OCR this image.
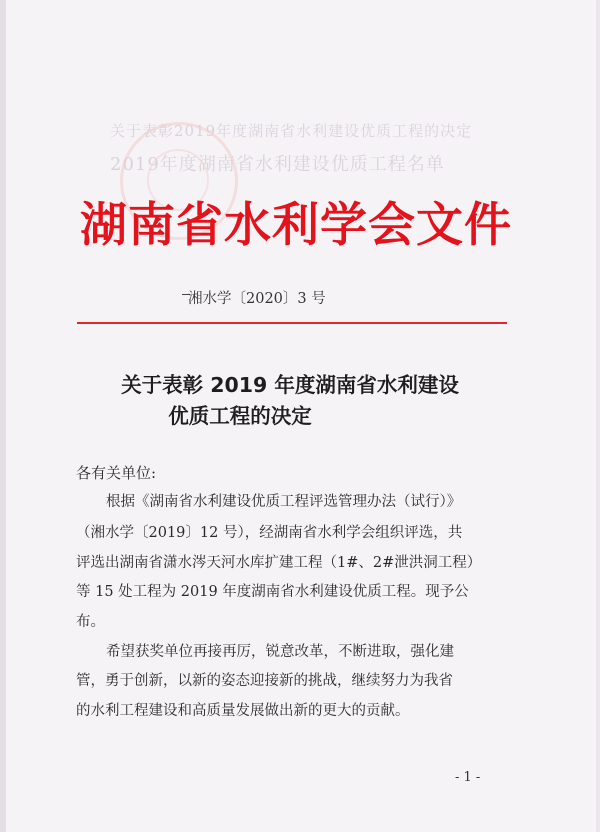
关于表彰2019年度湖南省水利建设优质工程的决定
2019年度湖南省水利建设优质工程名单
湖南省水利学会文件
湘水学〔2020〕3 号
关于表彰 2019 年度湖南省水利建设
优质工程的决定
各有关单位:
根据《湖南省水利建设优质工程评选管理办法（试行）》
（湘水学〔2019〕12 号），经湖南省水利学会组织评选，共
评选出湖南省潇水涔天河水库扩建工程（1#、2#泄洪洞工程）
等 15 处工程为 2019 年度湖南省水利建设优质工程。现予公
布。
希望获奖单位再接再厉，锐意改革，不断进取，强化建
管，勇于创新，以新的姿态迎接新的挑战，继续努力为我省
的水利工程建设和高质量发展做出新的更大的贡献。
- 1 -
